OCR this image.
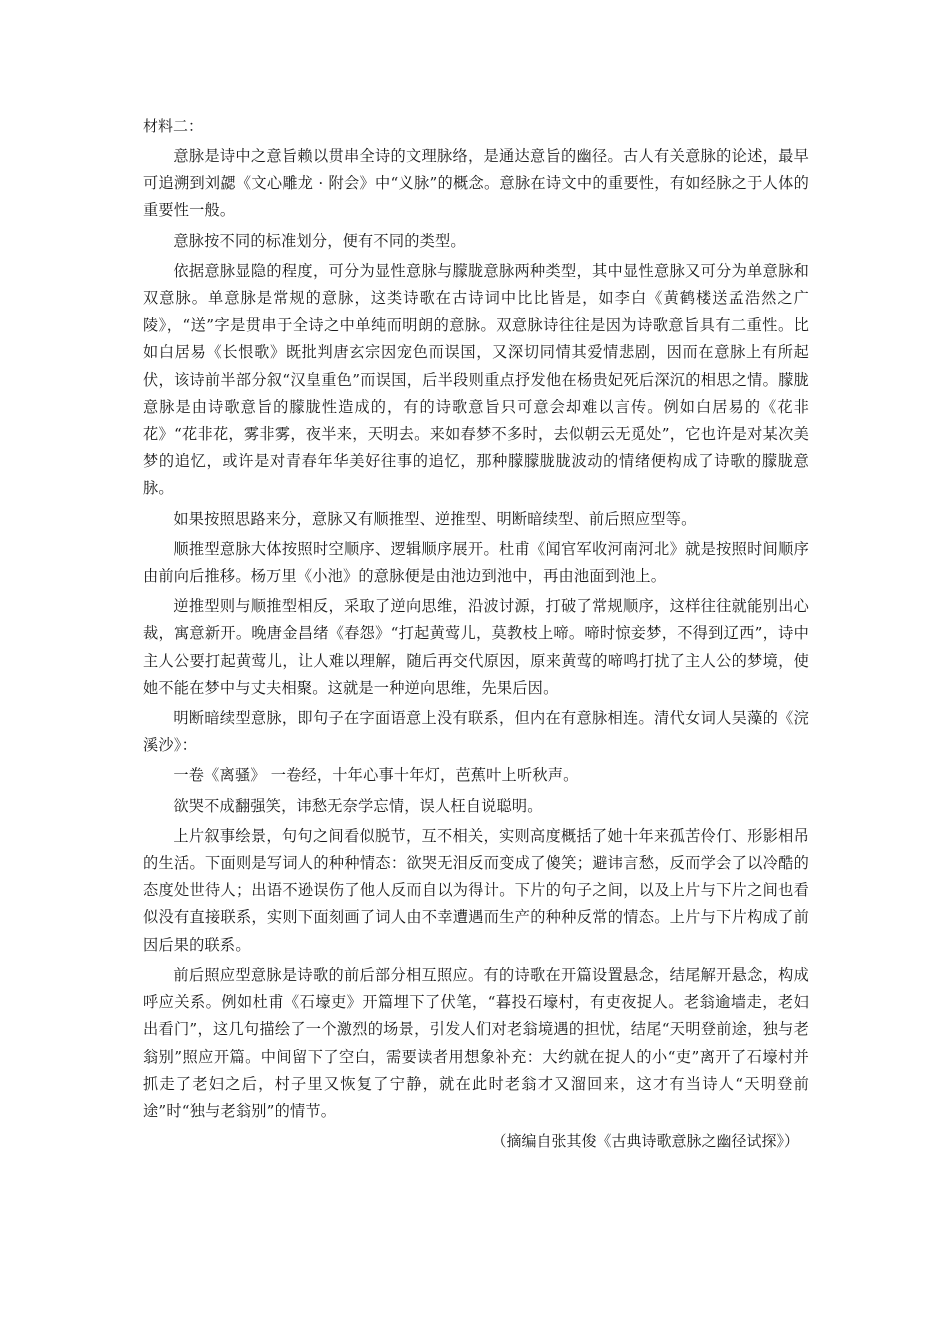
材料二：

意脉是诗中之意旨赖以贯串全诗的文理脉络，是通达意旨的幽径。古人有关意脉的论述，最早可追溯到刘勰《文心雕龙 · 附会》中“义脉”的概念。意脉在诗文中的重要性，有如经脉之于人体的重要性一般。

意脉按不同的标准划分，便有不同的类型。

依据意脉显隐的程度，可分为显性意脉与朦胧意脉两种类型，其中显性意脉又可分为单意脉和双意脉。单意脉是常规的意脉，这类诗歌在古诗词中比比皆是，如李白《黄鹤楼送孟浩然之广陵》，“送”字是贯串于全诗之中单纯而明朗的意脉。双意脉诗往往是因为诗歌意旨具有二重性。比如白居易《长恨歌》既批判唐玄宗因宠色而误国，又深切同情其爱情悲剧，因而在意脉上有所起伏，该诗前半部分叙“汉皇重色”而误国，后半段则重点抒发他在杨贵妃死后深沉的相思之情。朦胧意脉是由诗歌意旨的朦胧性造成的，有的诗歌意旨只可意会却难以言传。例如白居易的《花非花》“花非花，雾非雾，夜半来，天明去。来如春梦不多时，去似朝云无觅处”，它也许是对某次美梦的追忆，或许是对青春年华美好往事的追忆，那种朦朦胧胧波动的情绪便构成了诗歌的朦胧意脉。

如果按照思路来分，意脉又有顺推型、逆推型、明断暗续型、前后照应型等。

顺推型意脉大体按照时空顺序、逻辑顺序展开。杜甫《闻官军收河南河北》就是按照时间顺序由前向后推移。杨万里《小池》的意脉便是由池边到池中，再由池面到池上。

逆推型则与顺推型相反，采取了逆向思维，沿波讨源，打破了常规顺序，这样往往就能别出心裁，寓意新开。晚唐金昌绪《春怨》“打起黄莺儿，莫教枝上啼。啼时惊妾梦，不得到辽西”，诗中主人公要打起黄莺儿，让人难以理解，随后再交代原因，原来黄莺的啼鸣打扰了主人公的梦境，使她不能在梦中与丈夫相聚。这就是一种逆向思维，先果后因。

明断暗续型意脉，即句子在字面语意上没有联系，但内在有意脉相连。清代女词人吴藻的《浣溪沙》：

一卷《离骚》 一卷经，十年心事十年灯，芭蕉叶上听秋声。

欲哭不成翻强笑，讳愁无奈学忘情，误人枉自说聪明。

上片叙事绘景，句句之间看似脱节，互不相关，实则高度概括了她十年来孤苦伶仃、形影相吊的生活。下面则是写词人的种种情态：欲哭无泪反而变成了傻笑；避讳言愁，反而学会了以冷酷的态度处世待人；出语不逊误伤了他人反而自以为得计。下片的句子之间，以及上片与下片之间也看似没有直接联系，实则下面刻画了词人由不幸遭遇而生产的种种反常的情态。上片与下片构成了前因后果的联系。

前后照应型意脉是诗歌的前后部分相互照应。有的诗歌在开篇设置悬念，结尾解开悬念，构成呼应关系。例如杜甫《石壕吏》开篇埋下了伏笔，“暮投石壕村，有吏夜捉人。老翁逾墙走，老妇出看门”，这几句描绘了一个激烈的场景，引发人们对老翁境遇的担忧，结尾“天明登前途，独与老翁别”照应开篇。中间留下了空白，需要读者用想象补充：大约就在捉人的小“吏”离开了石壕村并抓走了老妇之后，村子里又恢复了宁静，就在此时老翁才又溜回来，这才有当诗人“天明登前途”时“独与老翁别”的情节。

（摘编自张其俊《古典诗歌意脉之幽径试探》）
